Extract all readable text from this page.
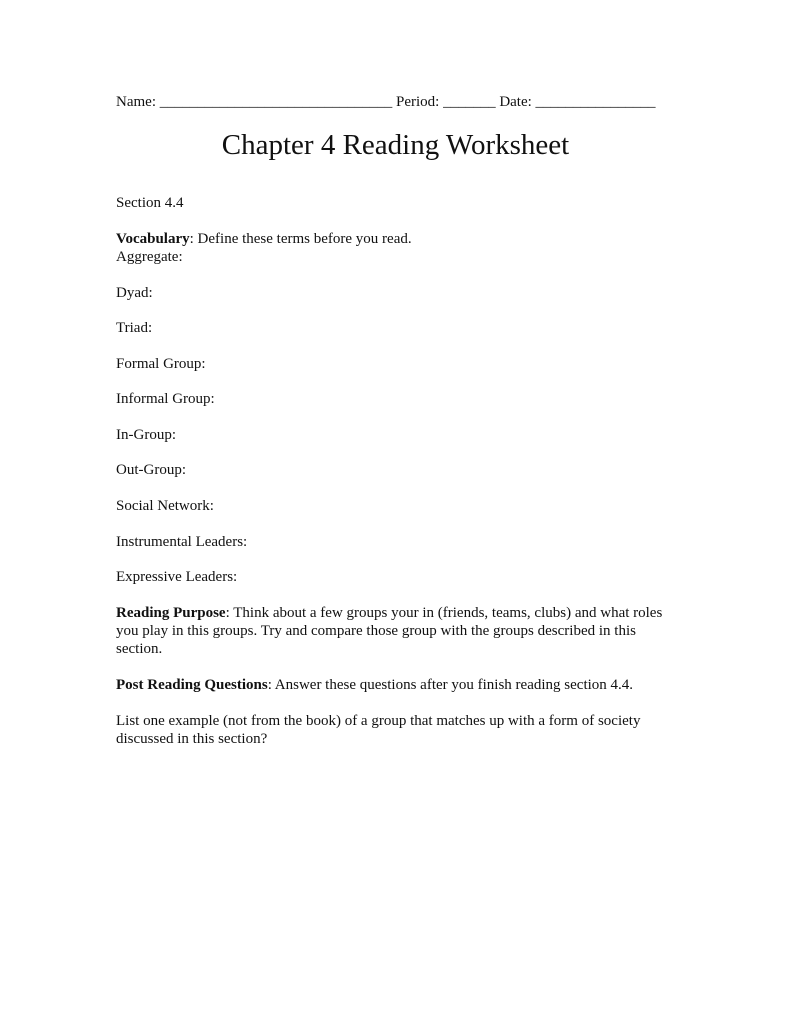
Name: _______________________________ Period: _______ Date: ________________
Chapter 4 Reading Worksheet
Section 4.4
Vocabulary: Define these terms before you read.
Aggregate:
Dyad:
Triad:
Formal Group:
Informal Group:
In-Group:
Out-Group:
Social Network:
Instrumental Leaders:
Expressive Leaders:
Reading Purpose: Think about a few groups your in (friends, teams, clubs) and what roles you play in this groups. Try and compare those group with the groups described in this section.
Post Reading Questions: Answer these questions after you finish reading section 4.4.
List one example (not from the book) of a group that matches up with a form of society discussed in this section?
